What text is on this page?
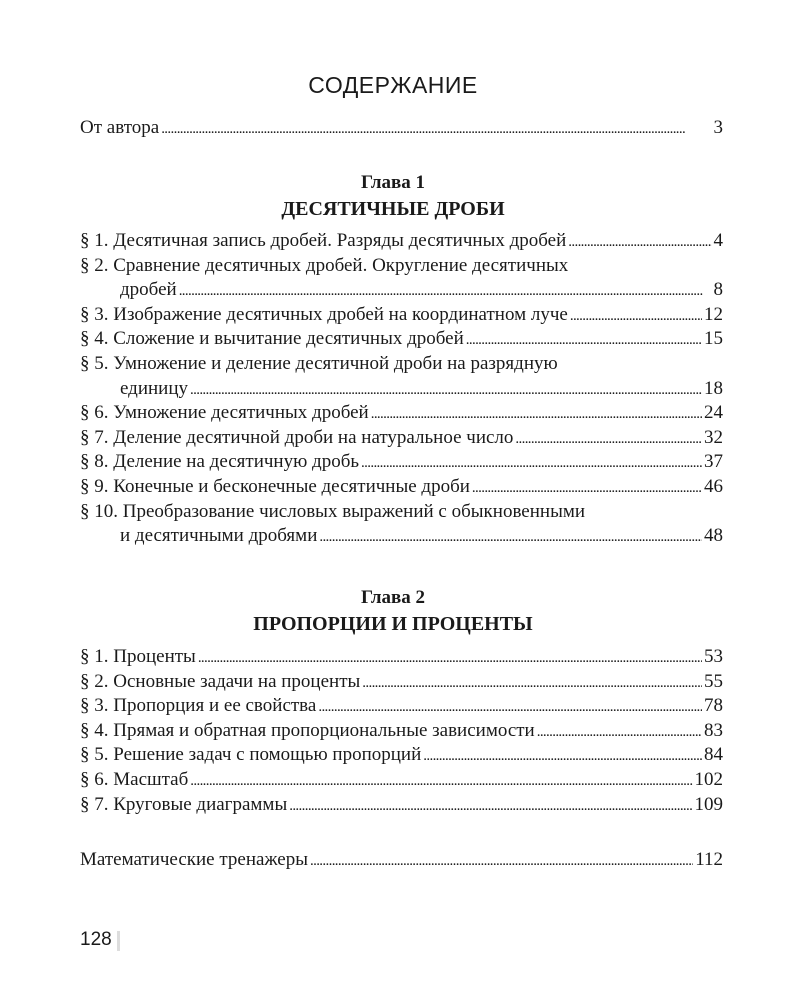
СОДЕРЖАНИЕ
От автора . . .	3
Глава 1
ДЕСЯТИЧНЫЕ ДРОБИ
§ 1. Десятичная запись дробей. Разряды десятичных дробей . . .	4
§ 2. Сравнение десятичных дробей. Округление десятичных
дробей . . .	8
§ 3. Изображение десятичных дробей на координатном луче . . .	12
§ 4. Сложение и вычитание десятичных дробей . . .	15
§ 5. Умножение и деление десятичной дроби на разрядную
единицу . . .	18
§ 6. Умножение десятичных дробей . . .	24
§ 7. Деление десятичной дроби на натуральное число . . .	32
§ 8. Деление на десятичную дробь . . .	37
§ 9. Конечные и бесконечные десятичные дроби . . .	46
§ 10. Преобразование числовых выражений с обыкновенными
и десятичными дробями . . .	48
Глава 2
ПРОПОРЦИИ И ПРОЦЕНТЫ
§ 1. Проценты . . .	53
§ 2. Основные задачи на проценты . . .	55
§ 3. Пропорция и ее свойства . . .	78
§ 4. Прямая и обратная пропорциональные зависимости . . .	83
§ 5. Решение задач с помощью пропорций . . .	84
§ 6. Масштаб . . .	102
§ 7. Круговые диаграммы . . .	109
Математические тренажеры . . .	112
128
